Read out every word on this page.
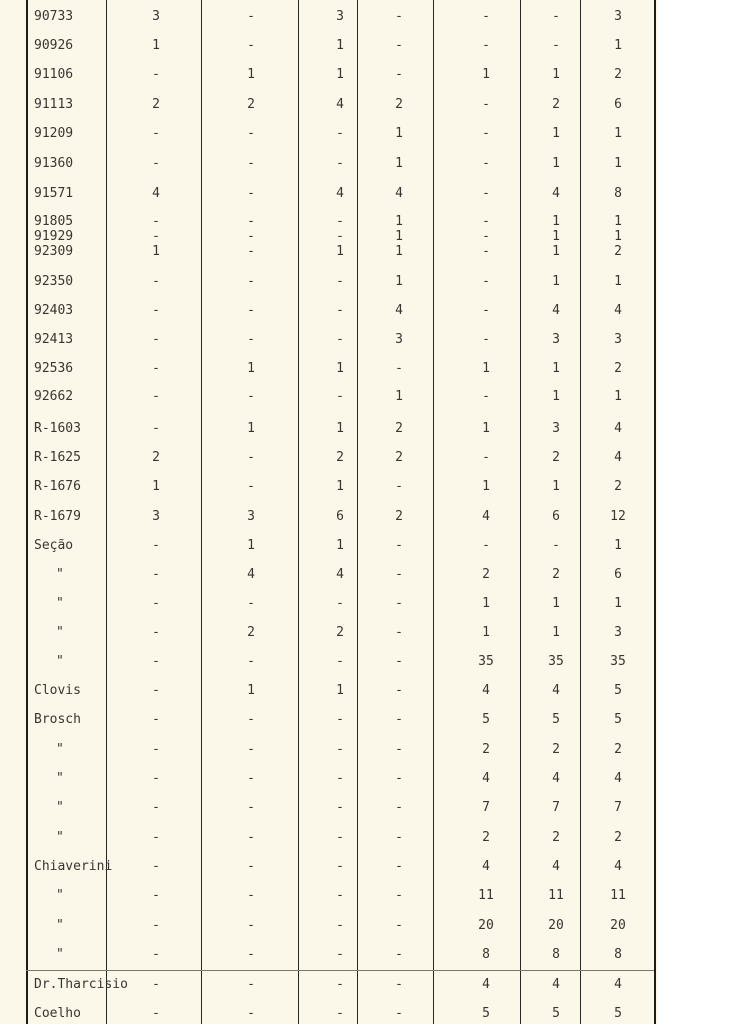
90733	3	-	3	-	-	-	3
90926	1	-	1	-	-	-	1
91106	-	1	1	-	1	1	2
91113	2	2	4	2	-	2	6
91209	-	-	-	1	-	1	1
91360	-	-	-	1	-	1	1
91571	4	-	4	4	-	4	8
91805	-	-	-	1	-	1	1
91929	-	-	-	1	-	1	1
92309	1	-	1	1	-	1	2
92350	-	-	-	1	-	1	1
92403	-	-	-	4	-	4	4
92413	-	-	-	3	-	3	3
92536	-	1	1	-	1	1	2
92662	-	-	-	1	-	1	1
R-1603	-	1	1	2	1	3	4
R-1625	2	-	2	2	-	2	4
R-1676	1	-	1	-	1	1	2
R-1679	3	3	6	2	4	6	12
Seção	-	1	1	-	-	-	1
"	-	4	4	-	2	2	6
"	-	-	-	-	1	1	1
"	-	2	2	-	1	1	3
"	-	-	-	-	35	35	35
Clovis	-	1	1	-	4	4	5
Brosch	-	-	-	-	5	5	5
"	-	-	-	-	2	2	2
"	-	-	-	-	4	4	4
"	-	-	-	-	7	7	7
"	-	-	-	-	2	2	2
Chiaverini	-	-	-	-	4	4	4
"	-	-	-	-	11	11	11
"	-	-	-	-	20	20	20
"	-	-	-	-	8	8	8
Dr.Tharcisio	-	-	-	-	4	4	4
Coelho	-	-	-	-	5	5	5
